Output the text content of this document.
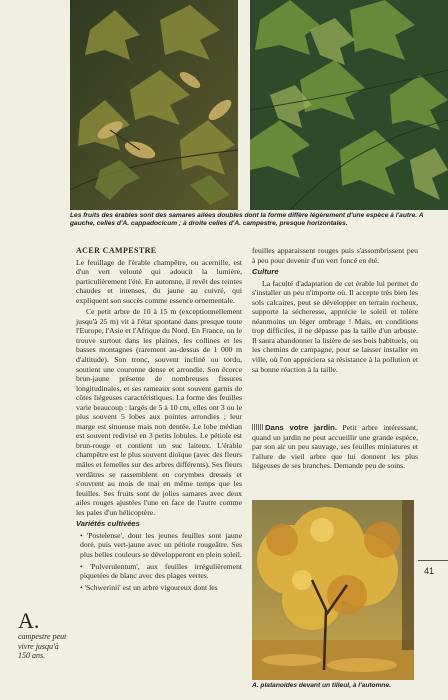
Les fruits des érables sont des samares ailées doubles dont la forme diffère légèrement d'une espèce à l'autre. A gauche, celles d'A. cappadocicum ; à droite celles d'A. campestre, presque horizontales.

ACER CAMPESTRE

Le feuillage de l'érable champêtre, ou acernille, est d'un vert velouté qui adoucit la lumière, particulièrement l'été. En automne, il revêt des teintes chaudes et intenses, du jaune au cuivré, qui expliquent son succès comme essence ornementale.

Ce petit arbre de 10 à 15 m (exceptionnellement jusqu'à 25 m) vit à l'état spontané dans presque toute l'Europe, l'Asie et l'Afrique du Nord. En France, on le trouve surtout dans les plaines, les collines et les basses montagnes (rarement au-dessus de 1 000 m d'altitude). Son tronc, souvent incliné ou tordu, soutient une couronne dense et arrondie. Son écorce brun-jaune présente de nombreuses fissures longitudinales, et ses rameaux sont souvent garnis de côtes liégeuses caractéristiques. La forme des feuilles varie beaucoup : largés de 5 à 10 cm, elles ont 3 ou le plus souvent 5 lobes aux pointes arrondies ; leur marge est sinueuse mais non dentée. Le lobe médian est souvent redivisé en 3 petits lobules. Le pétiole est brun-rouge et contient un suc laiteux. L'érable champêtre est le plus souvent dioïque (avec des fleurs mâles et femelles sur des arbres différents). Ses fleurs verdâtres se rassemblent en corymbes dressés et s'ouvrent au mois de mai en même temps que les feuilles. Ses fruits sont de jolies samares avec deux ailes rouges ajustées l'une en face de l'autre comme les pales d'un hélicoptère.

Variétés cultivées

• 'Postelense', dont les jeunes feuilles sont jaune doré, puis vert-jaune avec un pétiole rougeâtre. Ses plus belles couleurs se développeront en plein soleil.

• 'Pulverulentum', aux feuilles irrégulièrement piquetées de blanc avec des plages vertes.

• 'Schwerinii' est un arbre vigoureux dont les

feuilles apparaissent rouges puis s'assombrissent peu à peu pour devenir d'un vert foncé en été.

Culture

La faculté d'adaptation de cet érable lui permet de s'installer un peu n'importe où. Il accepte très bien les sols calcaires, peut se développer en terrain rocheux, supporte la sécheresse, apprécie le soleil et tolère néanmoins un léger ombrage ! Mais, en conditions trop difficiles, il ne dépasse pas la taille d'un arbuste. Il saura abandonner la lisière de ses bois habituels, ou les chemins de campagne, pour se laisser installer en ville, où l'on appréciera sa résistance à la pollution et sa bonne réaction à la taille.

Dans votre jardin. Petit arbre intéressant, quand un jardin ne peut accueillir une grande espèce, par son air un peu sauvage, ses feuilles miniatures et l'allure de vieil arbre que lui donnent les plus liégeuses de ses branches. Demande peu de soins.

A. platanoides devant un tilleul, à l'automne.
A.
campestre peut vivre jusqu'à 150 ans.
41
